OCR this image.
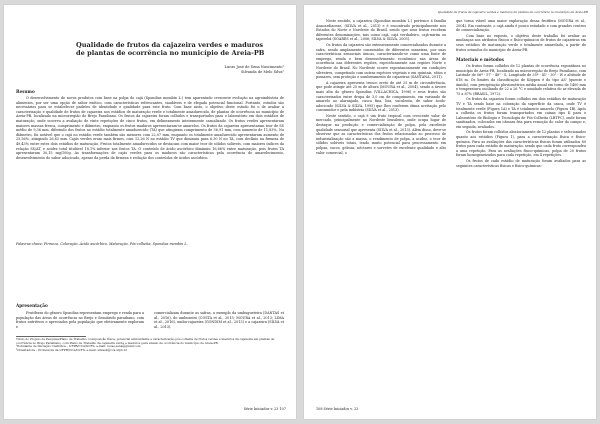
Qualidade de frutos da cajazeira verdes e maduros
de plantas de ocorrência no município de Areia-PB
Lucas José de Sena Nascimento¹
Silvanda de Melo Silva²
Resumo
O desenvolvimento de novos produtos com base na polpa do cajá (Spondias mombin L.) tem aparentado crescente evolução na agroindústria de alimentos, por ser uma opção de sabor exótico, com características refrescantes, saudáveis e de elegada potencial funcional. Portanto, estudos são necessários para se estabelecer padrões de identidade e qualidade para este fruto. Com base nisto, o objetivo deste estudo foi o de avaliar a caracterização e qualidade de frutos de cajazeira nos estádios de maturação verde e totalmente amadurecido, de plantas de ocorrência no município de Areia-PB, localizado na microrregião do Brejo Paraibano. Os frutos da cajazeira foram colhidos e transportados para o laboratório em dois estádios de maturação, onde ocorreu a avaliação de vinte repetições de cinco frutos, em delineamento inteiramente casualizado. Os frutos verdes apresentaram maiores massas fresca, comprimento e diâmetro, enquanto os frutos maduros apresentaram-se amarelos. Os frutos da cajazeira apresentaram teor de SS médio de 9,36 mm, diferindo dos frutos no estádio totalmente amadurecido (TA) que atingiram comprimento de 36,91 mm, com aumento de 11,83%. No diâmetro, foi notável que o cajá no estádio verde também são menores com 22,07 mm, enquanto os totalmente amadurecido apresentaram aumento de 25,56%, atingindo 26,63 mm. Cajás verdes eram mais firmes, com 12,26 N no estádio TV que diminuiu para 6,30 N no TA, com declínio na firmeza de 49,43% entre estes dois estádios de maturação. Frutos totalmente amadurecidos se destacam com maior teor de sólidos solúveis, com maiores índices da relação SS/AT, e acidez total titulável 18,1% inferior nos frutos TA. O conteúdo de ácido ascórbico diminuiu 16,66% entre maturação, pois frutos TA apresentaram 30,15 mg/100g. As transformações de cajás verdes para os maduros são características pela ocorrência do amarelecimento, desenvolvimento do sabor adocicado, apesar da perda da firmeza e redução dos conteúdos de ácidos ascórbico.
Palavras-chave: Firmeza. Coloração. Ácido ascórbico. Maturação. Pós-colheita. Spondias mombin L.
Apresentação
Frutíferas do gênero Spondias representam emprego e renda para a população das áreas de ocorrência no Brejo e Semiárido paraibano, com frutos nutritivos e apreciados pela população que efetivamente exploram e
comercializam durante as safras, a exemplo da umbugueteira (DANTAS et al., 2016), do umbuzeiro (COSTA et al., 2015; MOURA et al., 2013; LIMA et al., 2016), umbu-cajazeira (GONDIM et al., 2013) e a cajazeira (SILVA et al., 2013).
Título do Projeto de Pesquisa/Plano de Trabalho: Composição física, potencial antioxidante e caracterização pós-colheita de frutos verdes e maduros da cajazeira em plantas de ocorrência no Brejo Paraibano, com Plano de Trabalho da cajazeira verde e maduros para ensaio de ocorrência do município de Areia-PB.
¹Estudante de Iniciação Científica – UFPB/CCA/DCFS, e-mail: lucas.sena@gmail.com
²Orientadora – Professora da UFPB/CCA/DCFS, e-mail: silvasil@cca.ufpb.br
Série Iniciados v. 23 107
Qualidade de frutos da cajazeira verdes e maduros de plantas de ocorrência no município de Areia-PB
Neste sentido, a cajazeira (Spondias mombin L.) pertence à família Anacardiaceae, (SILVA et al., 2013) e é encontrado principalmente nos Estados do Norte e Nordeste do Brasil, sendo que seus frutos recebem diferentes denominações, tais como cajá, cajá verdadeiro, cajá-mirim ou taperebá (SOARES et al., 2006; SILVA & SILVA, 2005).
Os frutos da cajazeira são extensivamente comercializados durante a safra, sendo amplamente consumidos de diferentes maneiras, por suas características sensoriais únicas, caracterizando-se como uma fonte de emprego, renda e bem desenvolvimento econômico nas áreas de ocorrência nas diferentes regiões, especificamente nas regiões Norte e Nordeste do Brasil. No Nordeste ocorre espontaneamente em condições silvestres, competindo com outras espécies vegetais e em quintais, sítios e pomares, sem proteção e sombreamento de cajazeiras (SANTANA, 2011).
A cajazeira apresenta tronco ereto de até 25 m de circunferência, que pode atingir até 25 m de altura (MOURA et al., 2004), sendo a árvore mais alta do gênero Spondias (VILLACHICA, 1996) e seus frutos são caracterizados entre drupa de 3,0 cm de comprimento, em variando de amarelo ao alaranjado, casca fina, lisa, suculenta, de sabor ácido-adocicado (SILVA & SILVA, 1995) que lhes conferem ótima aceitação pelo consumidor e pela indústria (SILVA et al., 2013).
Neste sentido, o cajá é um fruto tropical com crescente valor de mercado, principalmente no Nordeste brasileiro, onde ocupa lugar de destaque na produção e comercialização de polpa, pela excelente qualidade sensorial que apresenta (SILVA et al., 2013). Além disso, deve-se observar que as características dos frutos relacionadas ao processo de industrialização são a massa, o rendimento de polpa, a acidez, o teor de sólidos solúveis totais, tendo muito potencial para processamento em polpas, sucos, geleias, néctares e sorvetes de excelente qualidade e alto valor comercial, o
que torna viável uma maior exploração dessa frutífera (MOURA et al., 2004). Em contraste, o cajá ainda é pouco estudado e com grandes centros de comercialização.
Com base no exposto, o objetivo deste trabalho foi avaliar as mudanças nos atributos físicos e físico-químicos de frutos de cajazeiras em seus estádios de maturação verde e totalmente amarelado, a partir de frutos oriundos do município de Areia-PB.
Materiais e métodos
Os frutos foram colhidos de 12 plantas de ocorrência espontânea no município de Areia-PB, localizado na microrregião do Brejo Paraibano, com Latitude de 06º - 57' - 48" - S, Longitude de 35º - 41' - 30" - W e altitude de 618 m. Os limites da classificação de Köppen é do tipo AS' (quente e úmido), com precipitação pluviométrica média anual em torno de 1400 mm e temperatura oscilando de 22 a 26 °C e umidade relativa do ar elevada de 75 a 87% (BRASIL, 1972).
Os frutos da cajazeira foram colhidos em dois estádios de maturação TV e TA sendo base na coloração da superfície da casca, onde TV é totalmente verde (Figura 1A) e TA é totalmente amarelo (Figura 1B). Após a colheita os frutos foram transportados em caixas tipo K para o Laboratório de Biologia e Tecnologia de Pós-Colheita (LBTPC), onde foram sanitizados, colocados em câmara fria para remoção do calor do campo e, em seguida, avaliados.
Os frutos foram colhidos aleatoriamente de 12 plantas e selecionados quanto aos estádios (Figura 1), para a caracterização física e físico-química. Para as avaliações das características físicas foram utilizados 80 frutos para cada estádio de maturação, sendo que cada fruto correspondeu a uma repetição. Para as avaliações físico-químicas, polpa de 20 frutos foram homogeneizados para cada repetição, em 4 repetições.
Os frutos de cada estádio de maturação foram avaliados para as seguintes características físicas e físico-químicas:
108 Série Iniciados v. 23
